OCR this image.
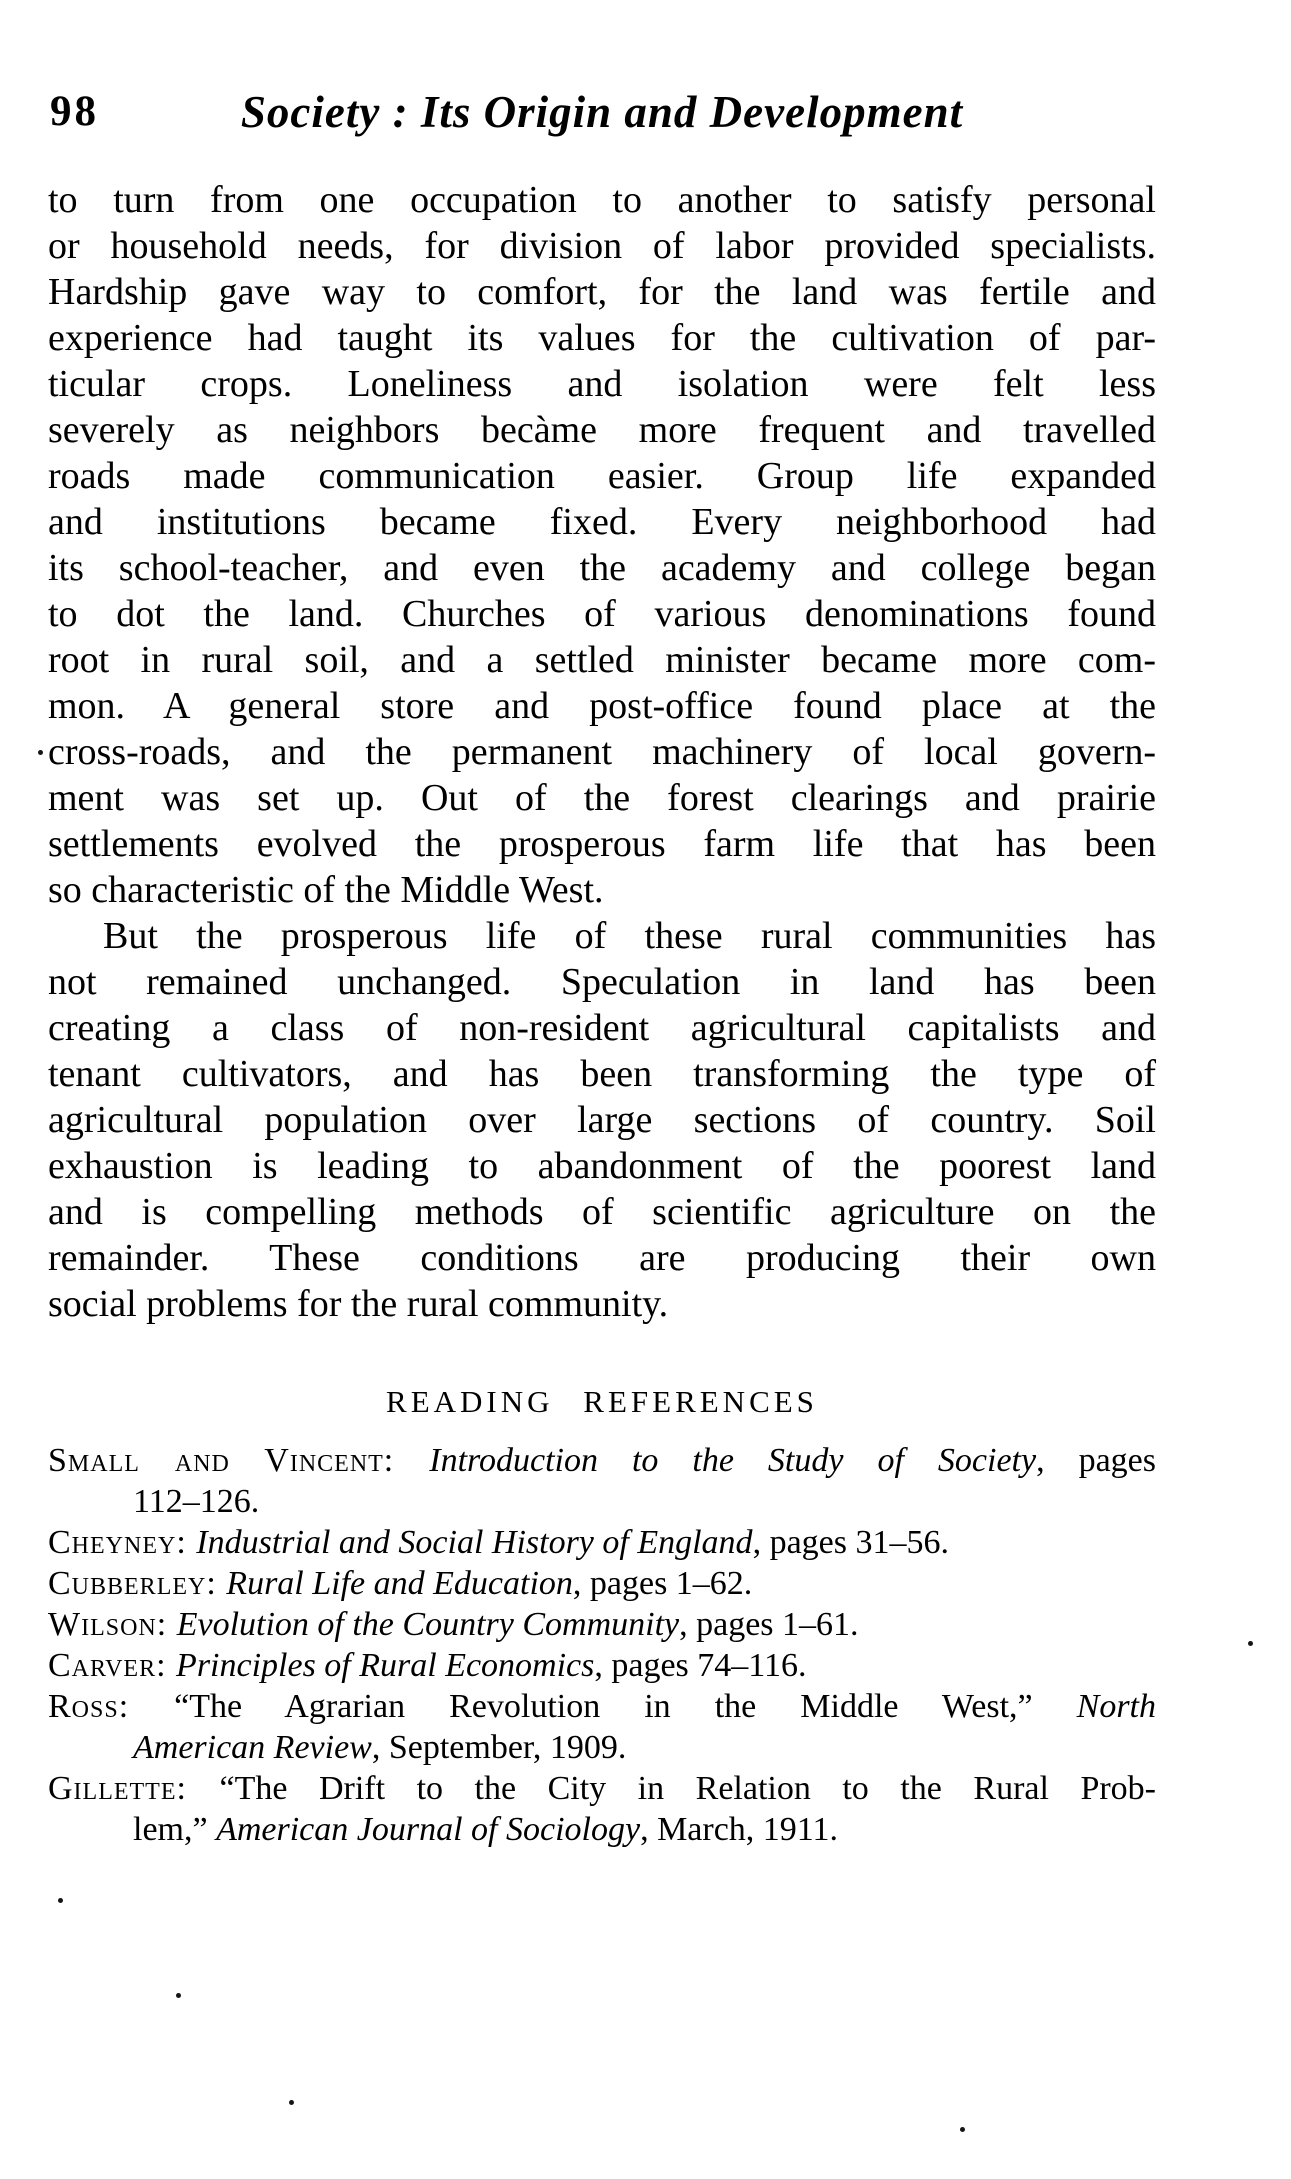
98	Society : Its Origin and Development
to turn from one occupation to another to satisfy personal
or household needs, for division of labor provided specialists.
Hardship gave way to comfort, for the land was fertile and
experience had taught its values for the cultivation of par-
ticular crops. Loneliness and isolation were felt less
severely as neighbors becàme more frequent and travelled
roads made communication easier. Group life expanded
and institutions became fixed. Every neighborhood had
its school-teacher, and even the academy and college began
to dot the land. Churches of various denominations found
root in rural soil, and a settled minister became more com-
mon. A general store and post-office found place at the
cross-roads, and the permanent machinery of local govern-
ment was set up. Out of the forest clearings and prairie
settlements evolved the prosperous farm life that has been
so characteristic of the Middle West.
But the prosperous life of these rural communities has
not remained unchanged. Speculation in land has been
creating a class of non-resident agricultural capitalists and
tenant cultivators, and has been transforming the type of
agricultural population over large sections of country. Soil
exhaustion is leading to abandonment of the poorest land
and is compelling methods of scientific agriculture on the
remainder. These conditions are producing their own
social problems for the rural community.
READING REFERENCES
Small and Vincent: Introduction to the Study of Society, pages
112–126.
Cheyney: Industrial and Social History of England, pages 31–56.
Cubberley: Rural Life and Education, pages 1–62.
Wilson: Evolution of the Country Community, pages 1–61.
Carver: Principles of Rural Economics, pages 74–116.
Ross: “The Agrarian Revolution in the Middle West,” North
American Review, September, 1909.
Gillette: “The Drift to the City in Relation to the Rural Prob-
lem,” American Journal of Sociology, March, 1911.
